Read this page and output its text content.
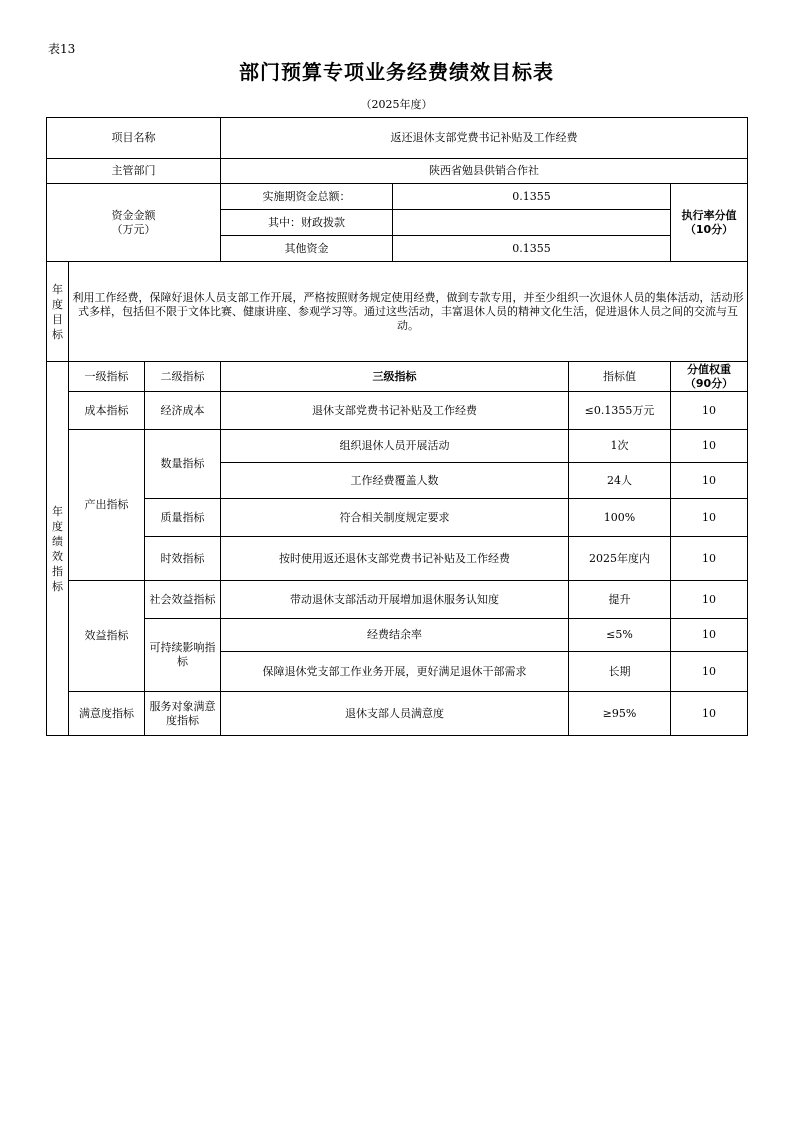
表13
部门预算专项业务经费绩效目标表
（2025年度）
项目名称			返还退休支部党费书记补贴及工作经费			
主管部门			陕西省勉县供销合作社			
资金金额
（万元）			实施期资金总额：	0.1355		执行率分值
（10分）
			其中：财政拨款			
			其他资金	0.1355		
年度目标	利用工作经费，保障好退休人员支部工作开展，严格按照财务规定使用经费，做到专款专用，并至少组织一次退休人员的集体活动，活动形式多样，包括但不限于文体比赛、健康讲座、参观学习等。通过这些活动，丰富退休人员的精神文化生活，促进退休人员之间的交流与互动。					
年度绩效指标	一级指标	二级指标	三级指标		指标值	分值权重
（90分）
	成本指标	经济成本	退休支部党费书记补贴及工作经费		≤0.1355万元	10
	产出指标	数量指标	组织退休人员开展活动		1次	10
			工作经费覆盖人数		24人	10
		质量指标	符合相关制度规定要求		100%	10
		时效指标	按时使用返还退休支部党费书记补贴及工作经费		2025年度内	10
	效益指标	社会效益指标	带动退休支部活动开展增加退休服务认知度		提升	10
		可持续影响指标	经费结余率		≤5%	10
			保障退休党支部工作业务开展，更好满足退休干部需求		长期	10
	满意度指标	服务对象满意度指标	退休支部人员满意度		≥95%	10
